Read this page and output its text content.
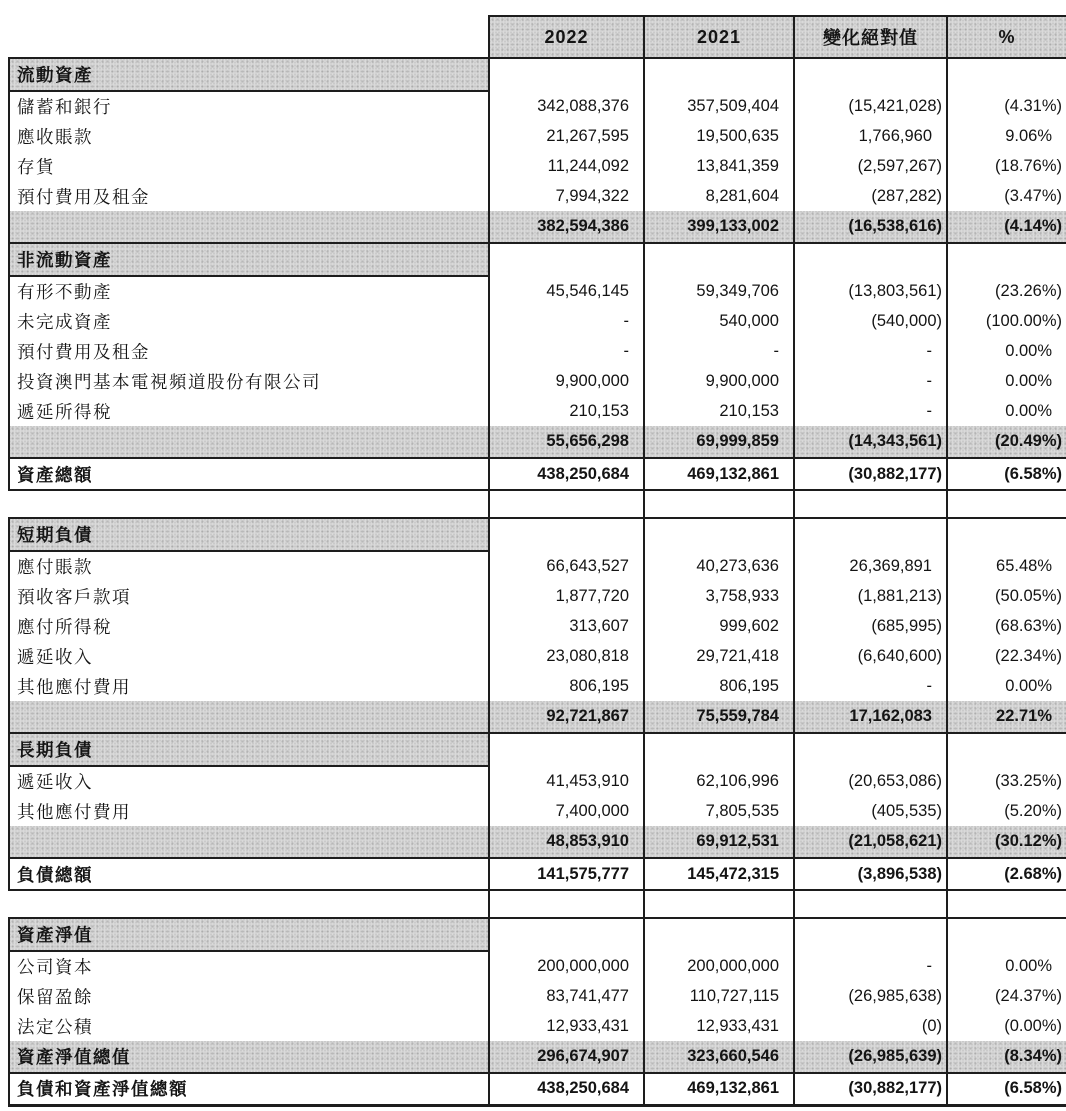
	2022	2021	變化絕對值	%
流動資產				
儲蓄和銀行	342,088,376	357,509,404	(15,421,028)	(4.31%)
應收賬款	21,267,595	19,500,635	1,766,960	9.06%
存貨	11,244,092	13,841,359	(2,597,267)	(18.76%)
預付費用及租金	7,994,322	8,281,604	(287,282)	(3.47%)
	382,594,386	399,133,002	(16,538,616)	(4.14%)
非流動資產				
有形不動產	45,546,145	59,349,706	(13,803,561)	(23.26%)
未完成資產	-	540,000	(540,000)	(100.00%)
預付費用及租金	-	-	-	0.00%
投資澳門基本電視頻道股份有限公司	9,900,000	9,900,000	-	0.00%
遞延所得稅	210,153	210,153	-	0.00%
	55,656,298	69,999,859	(14,343,561)	(20.49%)
資產總額	438,250,684	469,132,861	(30,882,177)	(6.58%)

短期負債				
應付賬款	66,643,527	40,273,636	26,369,891	65.48%
預收客戶款項	1,877,720	3,758,933	(1,881,213)	(50.05%)
應付所得稅	313,607	999,602	(685,995)	(68.63%)
遞延收入	23,080,818	29,721,418	(6,640,600)	(22.34%)
其他應付費用	806,195	806,195	-	0.00%
	92,721,867	75,559,784	17,162,083	22.71%
長期負債				
遞延收入	41,453,910	62,106,996	(20,653,086)	(33.25%)
其他應付費用	7,400,000	7,805,535	(405,535)	(5.20%)
	48,853,910	69,912,531	(21,058,621)	(30.12%)
負債總額	141,575,777	145,472,315	(3,896,538)	(2.68%)

資產淨值				
公司資本	200,000,000	200,000,000	-	0.00%
保留盈餘	83,741,477	110,727,115	(26,985,638)	(24.37%)
法定公積	12,933,431	12,933,431	(0)	(0.00%)
資產淨值總值	296,674,907	323,660,546	(26,985,639)	(8.34%)
負債和資產淨值總額	438,250,684	469,132,861	(30,882,177)	(6.58%)
